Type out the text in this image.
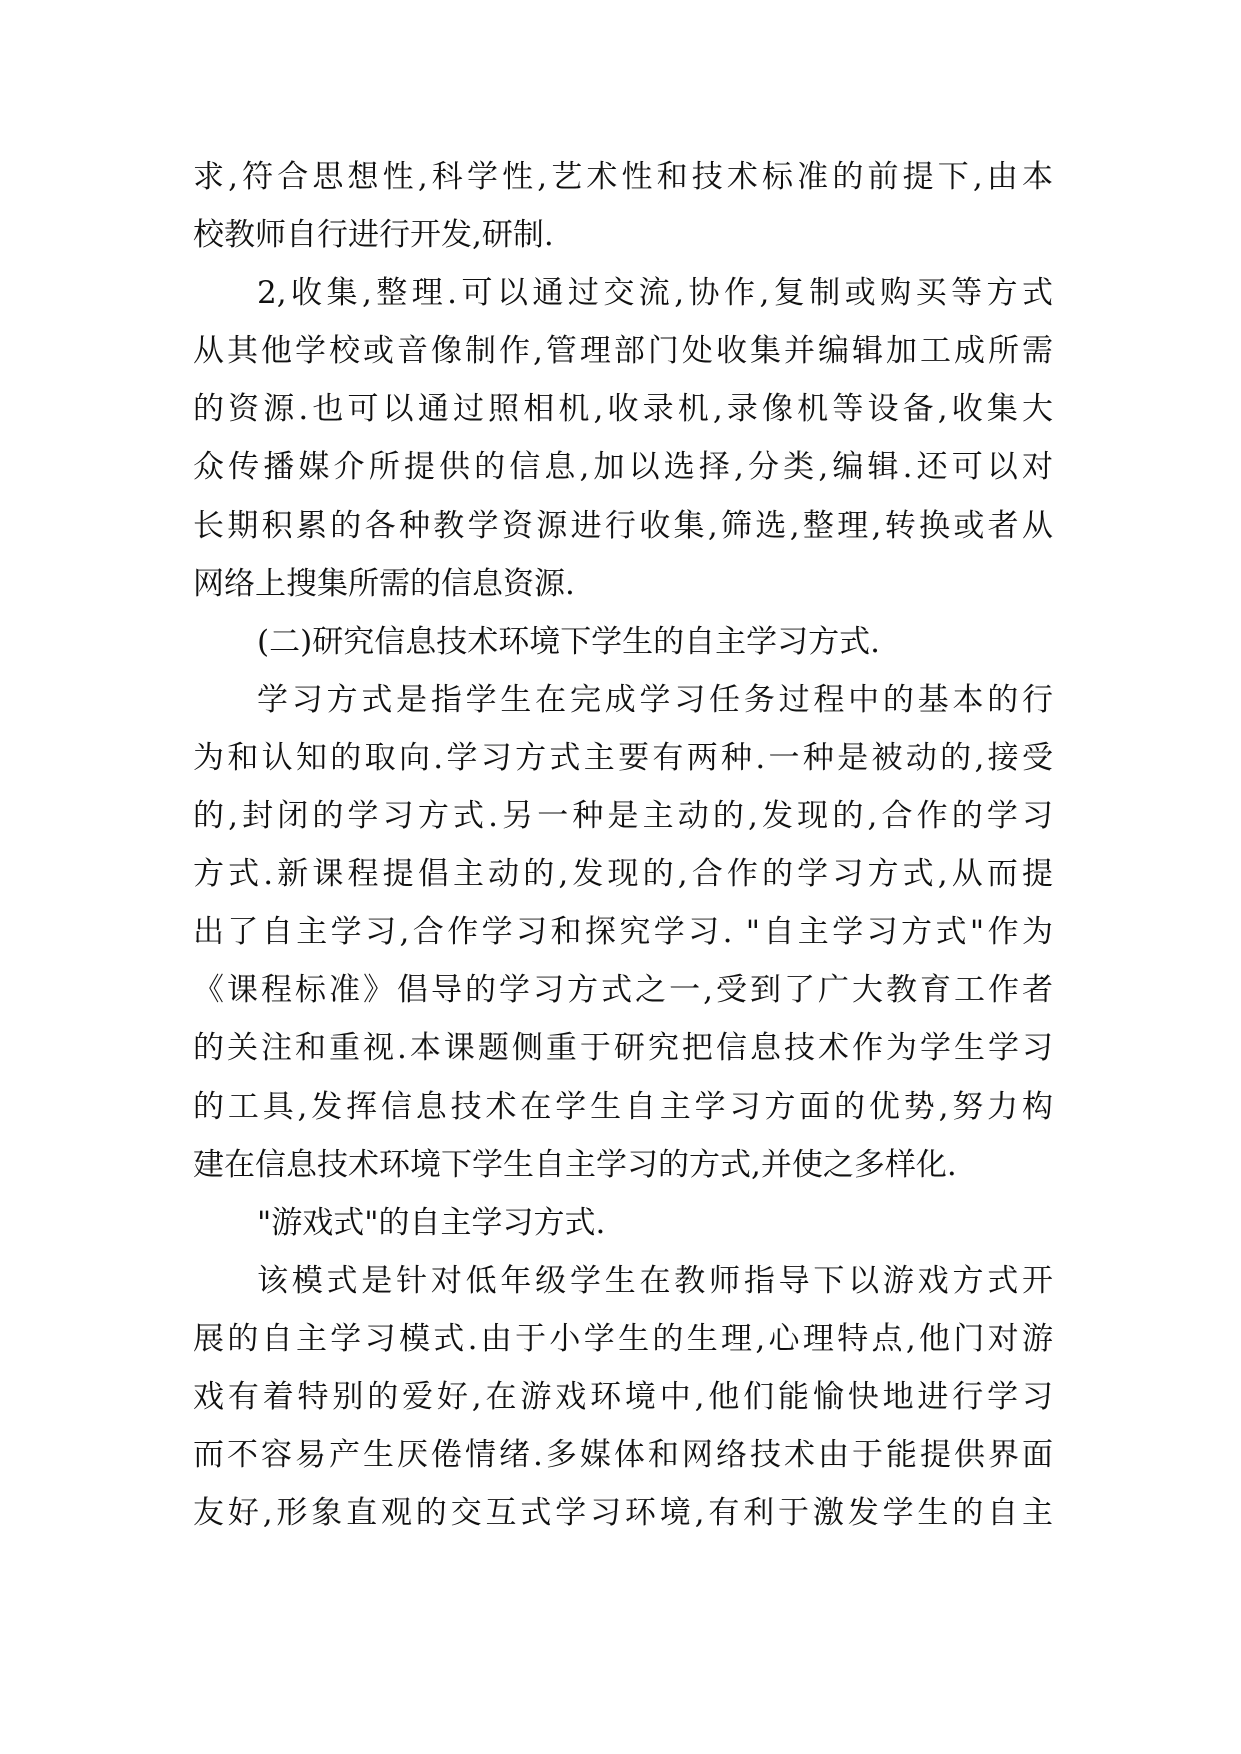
求,符合思想性,科学性,艺术性和技术标准的前提下,由本
校教师自行进行开发,研制.
2,收集,整理.可以通过交流,协作,复制或购买等方式
从其他学校或音像制作,管理部门处收集并编辑加工成所需
的资源.也可以通过照相机,收录机,录像机等设备,收集大
众传播媒介所提供的信息,加以选择,分类,编辑.还可以对
长期积累的各种教学资源进行收集,筛选,整理,转换或者从
网络上搜集所需的信息资源.
(二)研究信息技术环境下学生的自主学习方式.
学习方式是指学生在完成学习任务过程中的基本的行
为和认知的取向.学习方式主要有两种.一种是被动的,接受
的,封闭的学习方式.另一种是主动的,发现的,合作的学习
方式.新课程提倡主动的,发现的,合作的学习方式,从而提
出了自主学习,合作学习和探究学习. "自主学习方式"作为
《课程标准》倡导的学习方式之一,受到了广大教育工作者
的关注和重视.本课题侧重于研究把信息技术作为学生学习
的工具,发挥信息技术在学生自主学习方面的优势,努力构
建在信息技术环境下学生自主学习的方式,并使之多样化.
"游戏式"的自主学习方式.
该模式是针对低年级学生在教师指导下以游戏方式开
展的自主学习模式.由于小学生的生理,心理特点,他门对游
戏有着特别的爱好,在游戏环境中,他们能愉快地进行学习
而不容易产生厌倦情绪.多媒体和网络技术由于能提供界面
友好,形象直观的交互式学习环境,有利于激发学生的自主
